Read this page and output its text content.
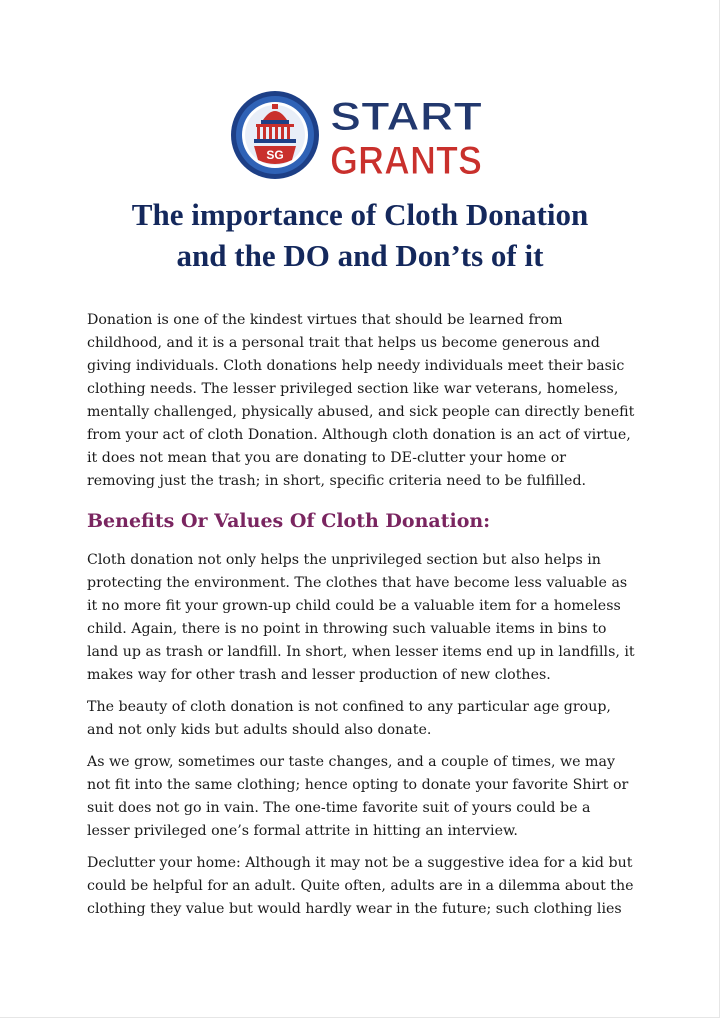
SG
START
GRANTS
The importance of Cloth Donation
and the DO and Don’ts of it

Donation is one of the kindest virtues that should be learned from
childhood, and it is a personal trait that helps us become generous and
giving individuals. Cloth donations help needy individuals meet their basic
clothing needs. The lesser privileged section like war veterans, homeless,
mentally challenged, physically abused, and sick people can directly benefit
from your act of cloth Donation. Although cloth donation is an act of virtue,
it does not mean that you are donating to DE-clutter your home or
removing just the trash; in short, specific criteria need to be fulfilled.

Benefits Or Values Of Cloth Donation:

Cloth donation not only helps the unprivileged section but also helps in
protecting the environment. The clothes that have become less valuable as
it no more fit your grown-up child could be a valuable item for a homeless
child. Again, there is no point in throwing such valuable items in bins to
land up as trash or landfill. In short, when lesser items end up in landfills, it
makes way for other trash and lesser production of new clothes.

The beauty of cloth donation is not confined to any particular age group,
and not only kids but adults should also donate.

As we grow, sometimes our taste changes, and a couple of times, we may
not fit into the same clothing; hence opting to donate your favorite Shirt or
suit does not go in vain. The one-time favorite suit of yours could be a
lesser privileged one’s formal attrite in hitting an interview.

Declutter your home: Although it may not be a suggestive idea for a kid but
could be helpful for an adult. Quite often, adults are in a dilemma about the
clothing they value but would hardly wear in the future; such clothing lies
